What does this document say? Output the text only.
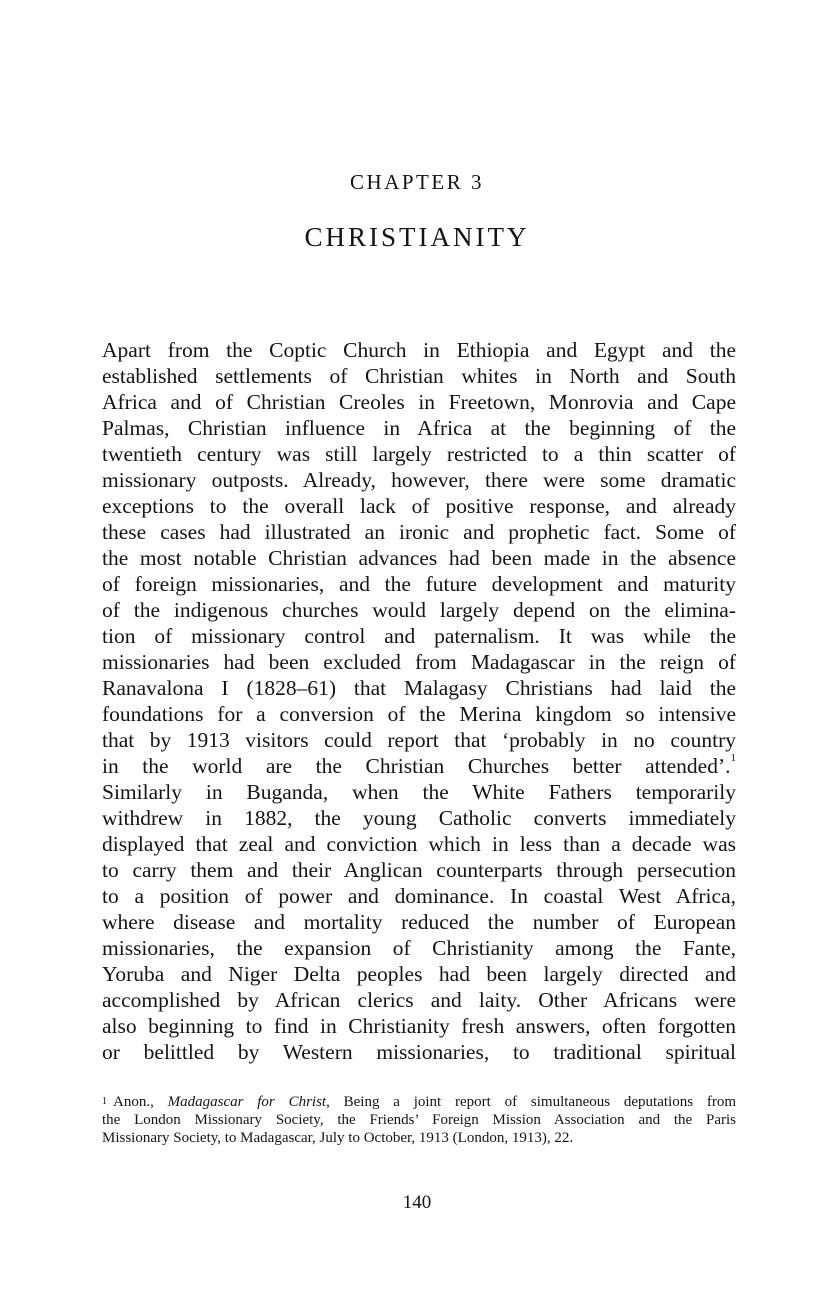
CHAPTER 3
CHRISTIANITY
Apart from the Coptic Church in Ethiopia and Egypt and the
established settlements of Christian whites in North and South
Africa and of Christian Creoles in Freetown, Monrovia and Cape
Palmas, Christian influence in Africa at the beginning of the
twentieth century was still largely restricted to a thin scatter of
missionary outposts. Already, however, there were some dramatic
exceptions to the overall lack of positive response, and already
these cases had illustrated an ironic and prophetic fact. Some of
the most notable Christian advances had been made in the absence
of foreign missionaries, and the future development and maturity
of the indigenous churches would largely depend on the elimina-
tion of missionary control and paternalism. It was while the
missionaries had been excluded from Madagascar in the reign of
Ranavalona I (1828–61) that Malagasy Christians had laid the
foundations for a conversion of the Merina kingdom so intensive
that by 1913 visitors could report that ‘probably in no country
in the world are the Christian Churches better attended’.$^1$
Similarly in Buganda, when the White Fathers temporarily
withdrew in 1882, the young Catholic converts immediately
displayed that zeal and conviction which in less than a decade was
to carry them and their Anglican counterparts through persecution
to a position of power and dominance. In coastal West Africa,
where disease and mortality reduced the number of European
missionaries, the expansion of Christianity among the Fante,
Yoruba and Niger Delta peoples had been largely directed and
accomplished by African clerics and laity. Other Africans were
also beginning to find in Christianity fresh answers, often forgotten
or belittled by Western missionaries, to traditional spiritual
$^1$ Anon., Madagascar for Christ, Being a joint report of simultaneous deputations from
the London Missionary Society, the Friends’ Foreign Mission Association and the Paris
Missionary Society, to Madagascar, July to October, 1913 (London, 1913), 22.
140
